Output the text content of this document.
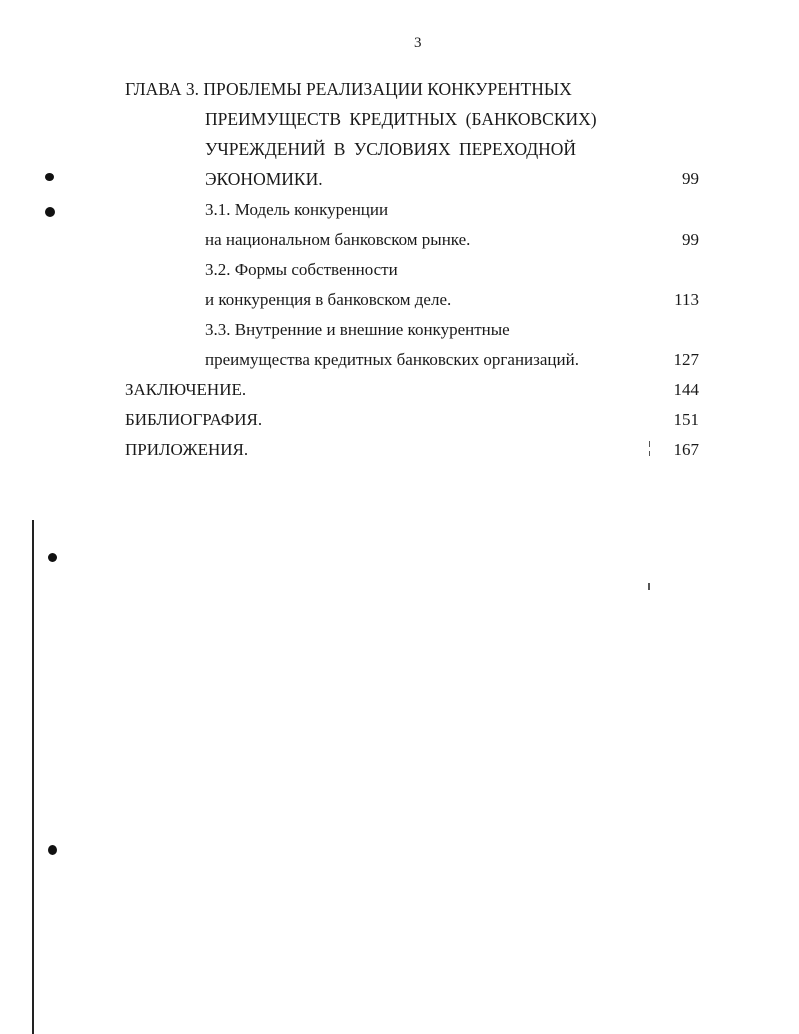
3
ГЛАВА 3. ПРОБЛЕМЫ РЕАЛИЗАЦИИ КОНКУРЕНТНЫХ
ПРЕИМУЩЕСТВ КРЕДИТНЫХ (БАНКОВСКИХ)
УЧРЕЖДЕНИЙ В УСЛОВИЯХ ПЕРЕХОДНОЙ
ЭКОНОМИКИ.	99
3.1. Модель конкуренции
на национальном банковском рынке.	99
3.2. Формы собственности
и конкуренция в банковском деле.	113
3.3. Внутренние и внешние конкурентные
преимущества кредитных банковских организаций.	127
ЗАКЛЮЧЕНИЕ.	144
БИБЛИОГРАФИЯ.	151
ПРИЛОЖЕНИЯ.	167
